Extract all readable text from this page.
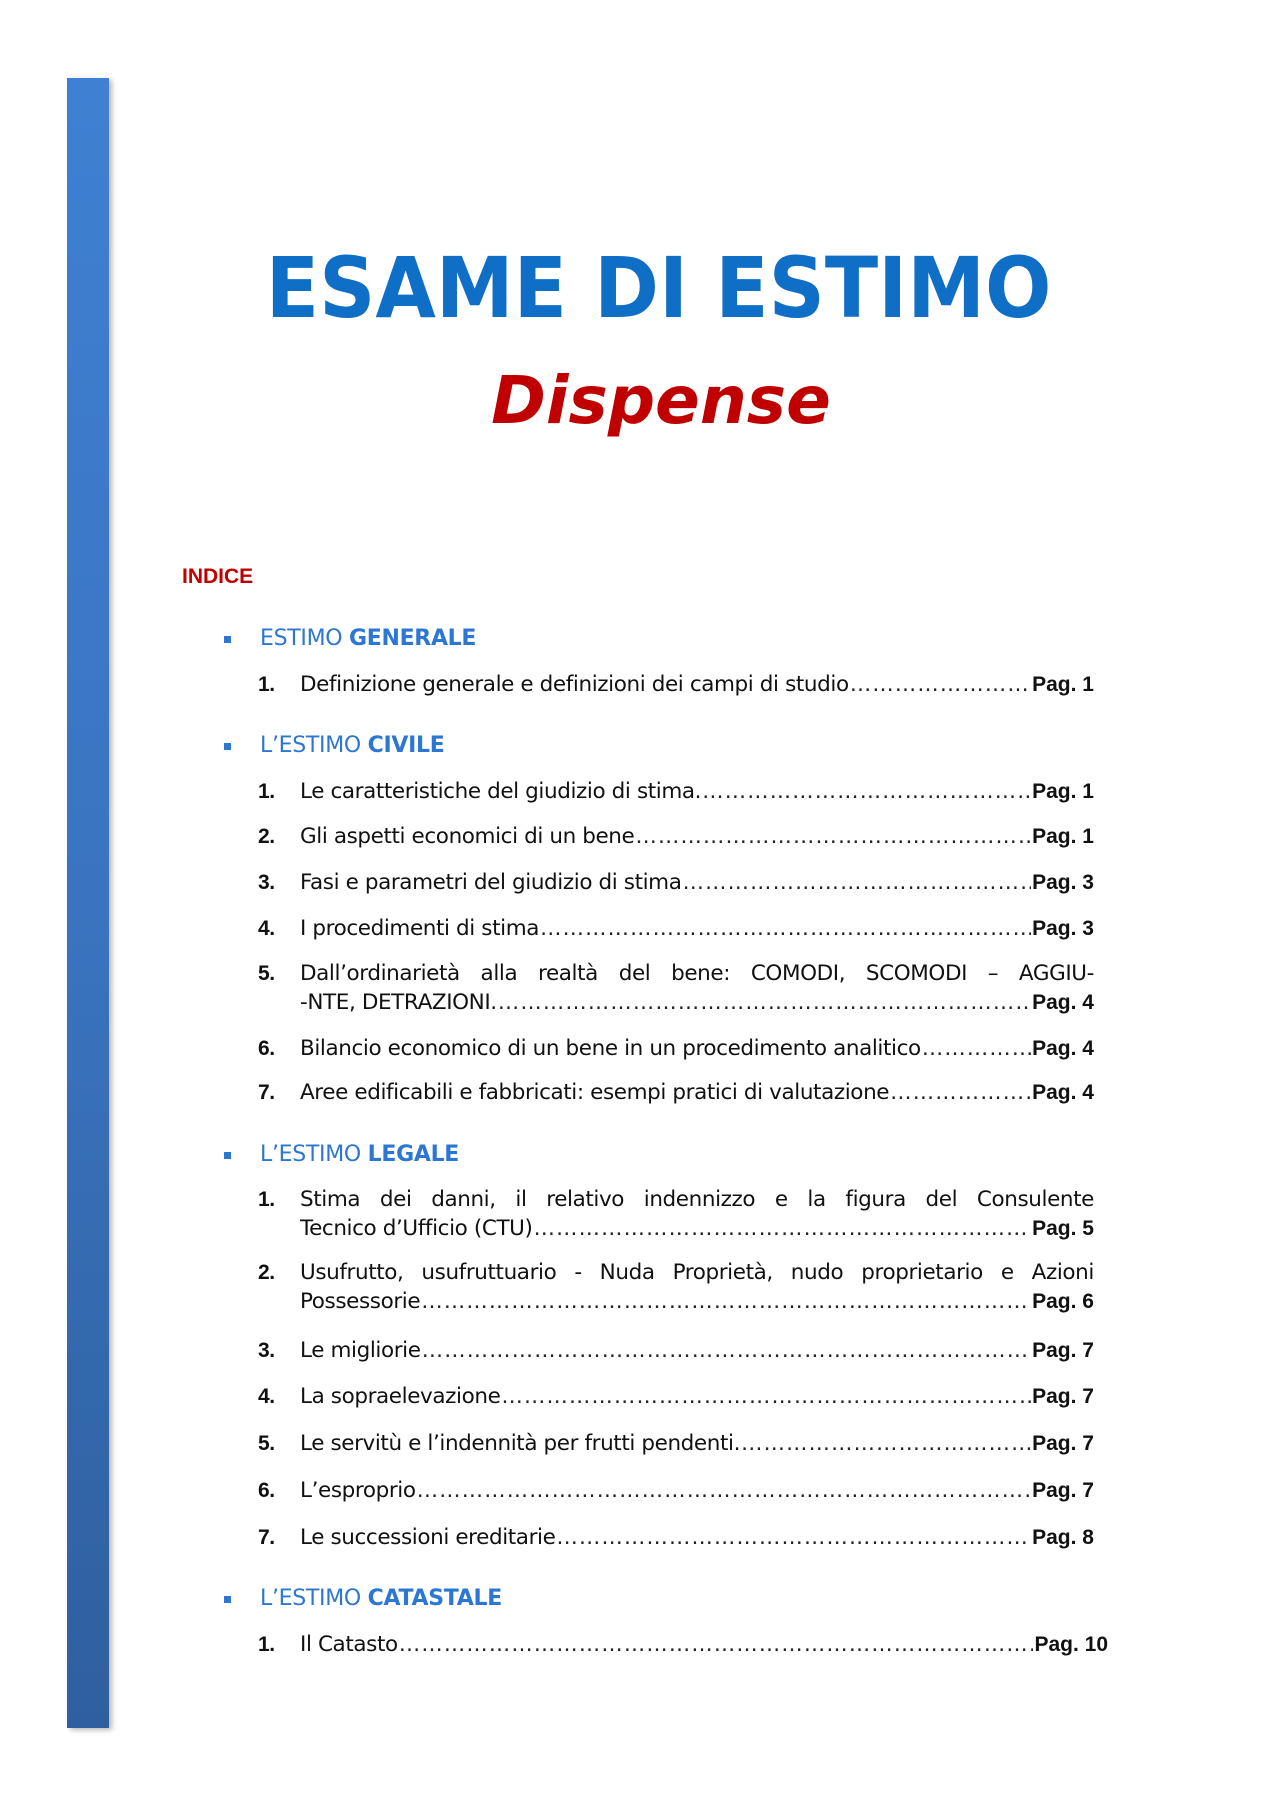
ESAME DI ESTIMO
Dispense
INDICE
ESTIMO GENERALE
1. Definizione generale e definizioni dei campi di studio …………………………………………………………………………………………………………………………………………………	Pag. 1
L’ESTIMO CIVILE
1. Le caratteristiche del giudizio di stima. …………………………………………………………………………………………………………………………………………………	Pag. 1
2. Gli aspetti economici di un bene …………………………………………………………………………………………………………………………………………………	Pag. 1
3. Fasi e parametri del giudizio di stima …………………………………………………………………………………………………………………………………………………	Pag. 3
4. I procedimenti di stima …………………………………………………………………………………………………………………………………………………	Pag. 3
5. Dall’ordinarietà alla realtà del bene: COMODI, SCOMODI – AGGIU-
-NTE, DETRAZIONI. …………………………………………………………………………………………………………………………………………………	Pag. 4
6. Bilancio economico di un bene in un procedimento analitico …………………………………………………………………………………………………………………………………………………	Pag. 4
7. Aree edificabili e fabbricati: esempi pratici di valutazione …………………………………………………………………………………………………………………………………………………	Pag. 4
L’ESTIMO LEGALE
1. Stima dei danni, il relativo indennizzo e la figura del Consulente
Tecnico d’Ufficio (CTU) …………………………………………………………………………………………………………………………………………………	Pag. 5
2. Usufrutto, usufruttuario - Nuda Proprietà, nudo proprietario e Azioni
Possessorie …………………………………………………………………………………………………………………………………………………	Pag. 6
3. Le migliorie …………………………………………………………………………………………………………………………………………………	Pag. 7
4. La sopraelevazione …………………………………………………………………………………………………………………………………………………	Pag. 7
5. Le servitù e l’indennità per frutti pendenti. …………………………………………………………………………………………………………………………………………………	Pag. 7
6. L’esproprio …………………………………………………………………………………………………………………………………………………	Pag. 7
7. Le successioni ereditarie …………………………………………………………………………………………………………………………………………………	Pag. 8
L’ESTIMO CATASTALE
1. Il Catasto …………………………………………………………………………………………………………………………………………………	Pag. 10
